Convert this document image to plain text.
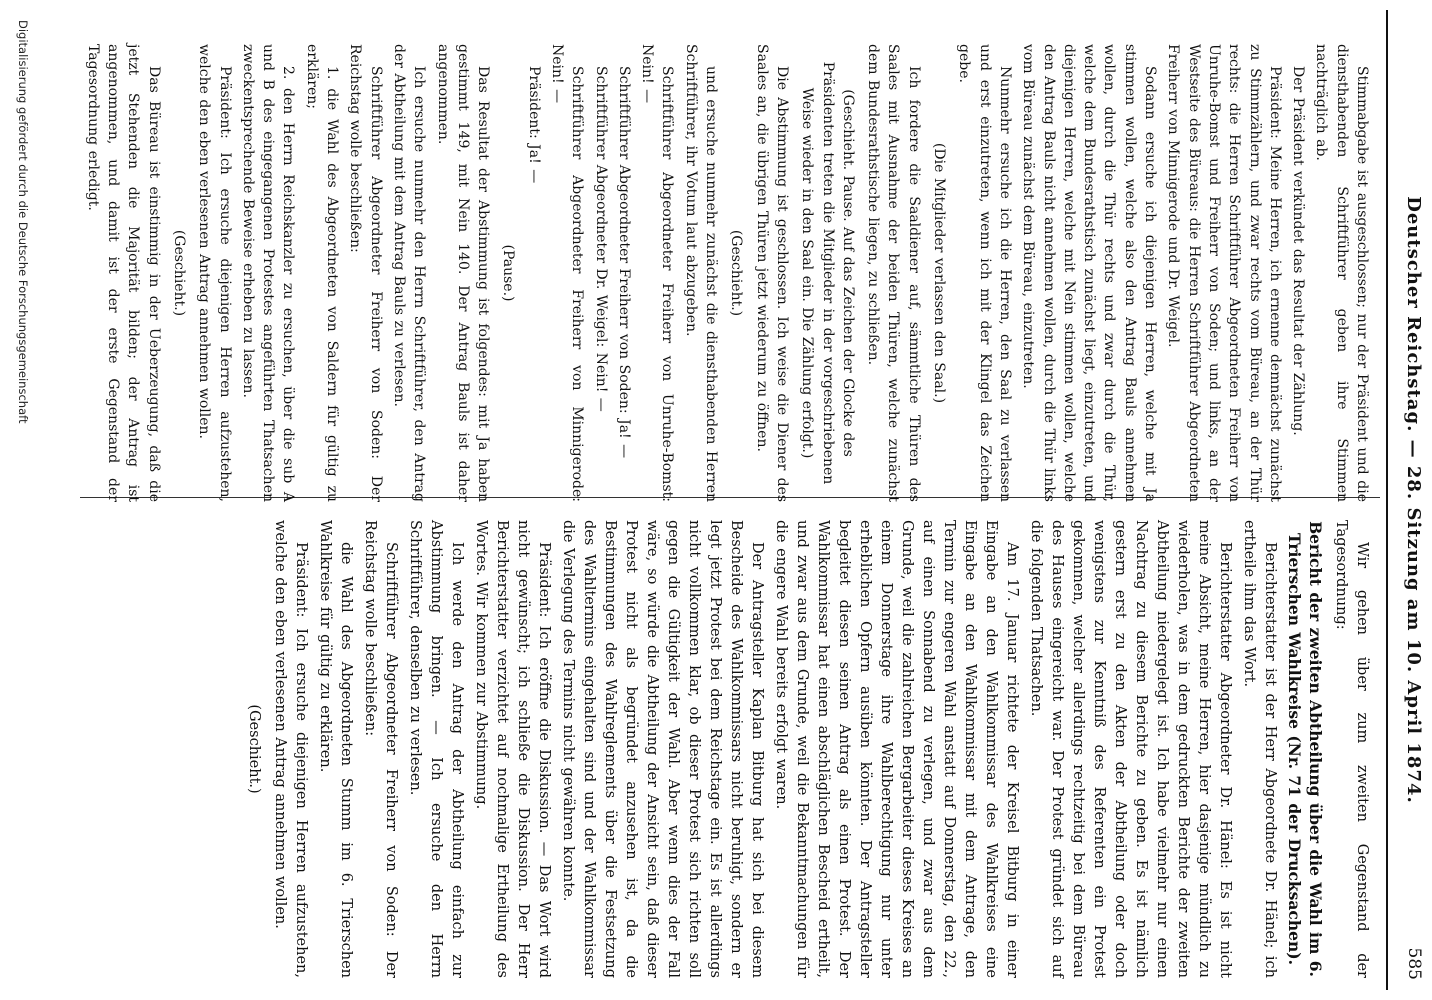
Deutscher Reichstag. — 28. Sitzung am 10. April 1874.
585

Stimmabgabe ist ausgeschlossen; nur der Präsident und die diensthabenden Schriftführer geben ihre Stimmen nachträglich ab.

Der Präsident verkündet das Resultat der Zählung.

Präsident: Meine Herren, ich ernenne demnächst zunächst zu Stimmzählern, und zwar rechts vom Büreau, an der Thür rechts: die Herren Schriftführer Abgeordneten Freiherr von Unruhe-Bomst und Freiherr von Soden; und links, an der Westseite des Büreaus: die Herren Schriftführer Abgeordneten Freiherr von Minnigerode und Dr. Weigel.

Sodann ersuche ich diejenigen Herren, welche mit Ja stimmen wollen, welche also den Antrag Bauls annehmen wollen, durch die Thür rechts und zwar durch die Thür, welche dem Bundesrathstisch zunächst liegt, einzutreten, und diejenigen Herren, welche mit Nein stimmen wollen, welche den Antrag Bauls nicht annehmen wollen, durch die Thür links vom Büreau zunächst dem Büreau, einzutreten.

Nunmehr ersuche ich die Herren, den Saal zu verlassen und erst einzutreten, wenn ich mit der Klingel das Zeichen gebe.

(Die Mitglieder verlassen den Saal.)

Ich fordere die Saaldiener auf, sämmtliche Thüren des Saales mit Ausnahme der beiden Thüren, welche zunächst dem Bundesrathstische liegen, zu schließen.

(Geschieht. Pause. Auf das Zeichen der Glocke des Präsidenten treten die Mitglieder in der vorgeschriebenen Weise wieder in den Saal ein. Die Zählung erfolgt.)

Die Abstimmung ist geschlossen. Ich weise die Diener des Saales an, die übrigen Thüren jetzt wiederum zu öffnen.

(Geschieht.)

und ersuche nunmehr zunächst die diensthabenden Herren Schriftführer, ihr Votum laut abzugeben.

Schriftführer Abgeordneter Freiherr von Unruhe-Bomst: Nein! —

Schriftführer Abgeordneter Freiherr von Soden: Ja! —

Schriftführer Abgeordneter Dr. Weigel: Nein! —

Schriftführer Abgeordneter Freiherr von Minnigerode: Nein! —

Präsident: Ja! —

(Pause.)

Das Resultat der Abstimmung ist folgendes: mit Ja haben gestimmt 149, mit Nein 140. Der Antrag Bauls ist daher angenommen.

Ich ersuche nunmehr den Herrn Schriftführer, den Antrag der Abtheilung mit dem Antrag Bauls zu verlesen.

Schriftführer Abgeordneter Freiherr von Soden: Der Reichstag wolle beschließen:

1. die Wahl des Abgeordneten von Saldern für gültig zu erklären;

2. den Herrn Reichskanzler zu ersuchen, über die sub A und B des eingegangenen Protestes angeführten Thatsachen zweckentsprechende Beweise erheben zu lassen.

Präsident: Ich ersuche diejenigen Herren aufzustehen, welche den eben verlesenen Antrag annehmen wollen.

(Geschieht.)

Das Büreau ist einstimmig in der Ueberzeugung, daß die jetzt Stehenden die Majorität bilden; der Antrag ist angenommen, und damit ist der erste Gegenstand der Tagesordnung erledigt.

Wir gehen über zum zweiten Gegenstand der Tagesordnung:

Bericht der zweiten Abtheilung über die Wahl im 6. Trierschen Wahlkreise (Nr. 71 der Drucksachen).

Berichterstatter ist der Herr Abgeordnete Dr. Hänel; ich ertheile ihm das Wort.

Berichterstatter Abgeordneter Dr. Hänel: Es ist nicht meine Absicht, meine Herren, hier dasjenige mündlich zu wiederholen, was in dem gedruckten Berichte der zweiten Abtheilung niedergelegt ist. Ich habe vielmehr nur einen Nachtrag zu diesem Berichte zu geben. Es ist nämlich gestern erst zu den Akten der Abtheilung oder doch wenigstens zur Kenntniß des Referenten ein Protest gekommen, welcher allerdings rechtzeitig bei dem Büreau des Hauses eingereicht war. Der Protest gründet sich auf die folgenden Thatsachen.

Am 17. Januar richtete der Kreisel Bitburg in einer Eingabe an den Wahlkommissar des Wahlkreises eine Eingabe an den Wahlkommissar mit dem Antrage, den Termin zur engeren Wahl anstatt auf Donnerstag, den 22., auf einen Sonnabend zu verlegen, und zwar aus dem Grunde, weil die zahlreichen Bergarbeiter dieses Kreises an einem Donnerstage ihre Wahlberechtigung nur unter erheblichen Opfern ausüben könnten. Der Antragsteller begleitet diesen seinen Antrag als einen Protest. Der Wahlkommissar hat einen abschläglichen Bescheid ertheilt, und zwar aus dem Grunde, weil die Bekanntmachungen für die engere Wahl bereits erfolgt waren.

Der Antragsteller Kaplan Bitburg hat sich bei diesem Bescheide des Wahlkommissars nicht beruhigt, sondern er legt jetzt Protest bei dem Reichstage ein. Es ist allerdings nicht vollkommen klar, ob dieser Protest sich richten soll gegen die Gültigkeit der Wahl. Aber wenn dies der Fall wäre, so würde die Abtheilung der Ansicht sein, daß dieser Protest nicht als begründet anzusehen ist, da die Bestimmungen des Wahlreglements über die Festsetzung des Wahltermins eingehalten sind und der Wahlkommissar die Verlegung des Termins nicht gewähren konnte.

Präsident: Ich eröffne die Diskussion. — Das Wort wird nicht gewünscht; ich schließe die Diskussion. Der Herr Berichterstatter verzichtet auf nochmalige Ertheilung des Wortes. Wir kommen zur Abstimmung.

Ich werde den Antrag der Abtheilung einfach zur Abstimmung bringen. — Ich ersuche den Herrn Schriftführer, denselben zu verlesen.

Schriftführer Abgeordneter Freiherr von Soden: Der Reichstag wolle beschließen:

die Wahl des Abgeordneten Stumm im 6. Trierschen Wahlkreise für gültig zu erklären.

Präsident: Ich ersuche diejenigen Herren aufzustehen, welche den eben verlesenen Antrag annehmen wollen.

(Geschieht.)

Digitalisierung gefördert durch die Deutsche Forschungsgemeinschaft
